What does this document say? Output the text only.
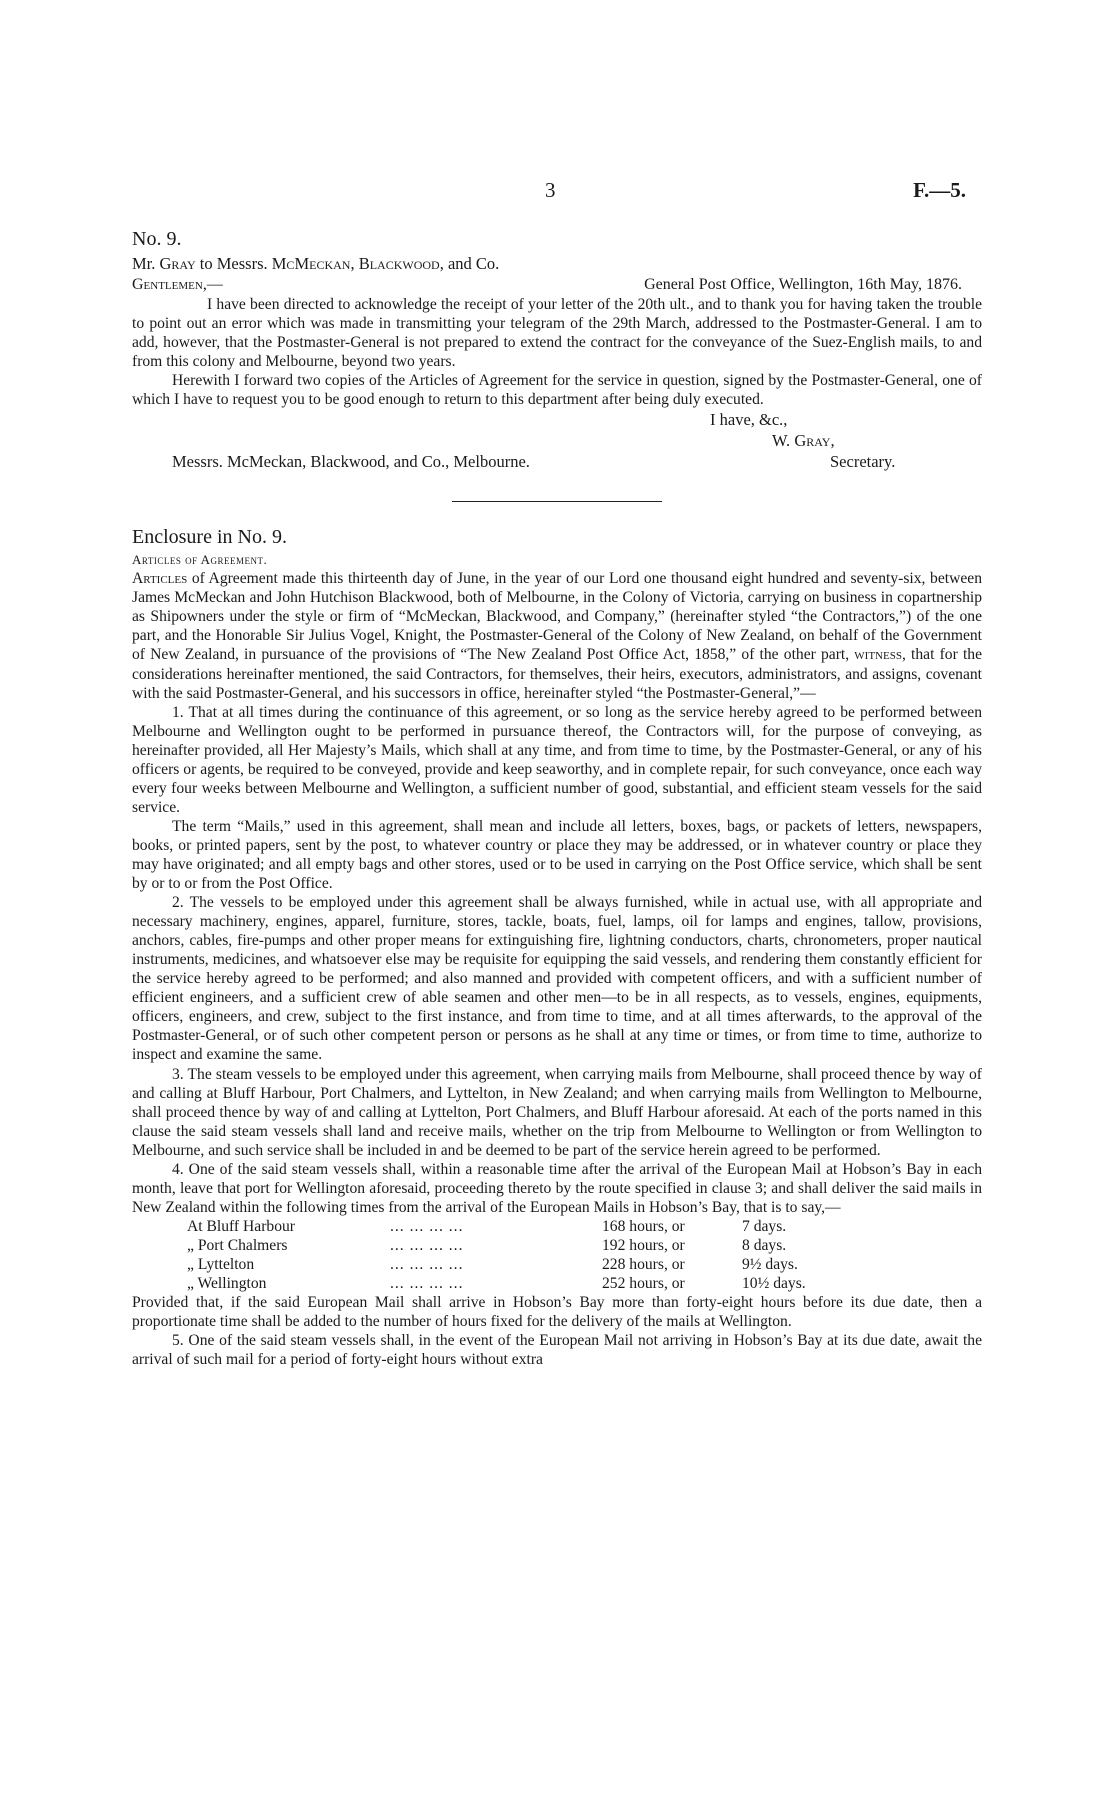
3	F.—5.

No. 9.

Mr. Gray to Messrs. McMeckan, Blackwood, and Co.

Gentlemen,—	General Post Office, Wellington, 16th May, 1876.

I have been directed to acknowledge the receipt of your letter of the 20th ult., and to thank you for having taken the trouble to point out an error which was made in transmitting your telegram of the 29th March, addressed to the Postmaster-General. I am to add, however, that the Postmaster-General is not prepared to extend the contract for the conveyance of the Suez-English mails, to and from this colony and Melbourne, beyond two years.

Herewith I forward two copies of the Articles of Agreement for the service in question, signed by the Postmaster-General, one of which I have to request you to be good enough to return to this department after being duly executed.

I have, &c.,
W. Gray,
Messrs. McMeckan, Blackwood, and Co., Melbourne.	Secretary.

Enclosure in No. 9.

Articles of Agreement.

Articles of Agreement made this thirteenth day of June, in the year of our Lord one thousand eight hundred and seventy-six, between James McMeckan and John Hutchison Blackwood, both of Melbourne, in the Colony of Victoria, carrying on business in copartnership as Shipowners under the style or firm of “McMeckan, Blackwood, and Company,” (hereinafter styled “the Contractors,”) of the one part, and the Honorable Sir Julius Vogel, Knight, the Postmaster-General of the Colony of New Zealand, on behalf of the Government of New Zealand, in pursuance of the provisions of “The New Zealand Post Office Act, 1858,” of the other part, witness, that for the considerations hereinafter mentioned, the said Contractors, for themselves, their heirs, executors, administrators, and assigns, covenant with the said Postmaster-General, and his successors in office, hereinafter styled “the Postmaster-General,”—

1. That at all times during the continuance of this agreement, or so long as the service hereby agreed to be performed between Melbourne and Wellington ought to be performed in pursuance thereof, the Contractors will, for the purpose of conveying, as hereinafter provided, all Her Majesty’s Mails, which shall at any time, and from time to time, by the Postmaster-General, or any of his officers or agents, be required to be conveyed, provide and keep seaworthy, and in complete repair, for such conveyance, once each way every four weeks between Melbourne and Wellington, a sufficient number of good, substantial, and efficient steam vessels for the said service.

The term “Mails,” used in this agreement, shall mean and include all letters, boxes, bags, or packets of letters, newspapers, books, or printed papers, sent by the post, to whatever country or place they may be addressed, or in whatever country or place they may have originated; and all empty bags and other stores, used or to be used in carrying on the Post Office service, which shall be sent by or to or from the Post Office.

2. The vessels to be employed under this agreement shall be always furnished, while in actual use, with all appropriate and necessary machinery, engines, apparel, furniture, stores, tackle, boats, fuel, lamps, oil for lamps and engines, tallow, provisions, anchors, cables, fire-pumps and other proper means for extinguishing fire, lightning conductors, charts, chronometers, proper nautical instruments, medicines, and whatsoever else may be requisite for equipping the said vessels, and rendering them constantly efficient for the service hereby agreed to be performed; and also manned and provided with competent officers, and with a sufficient number of efficient engineers, and a sufficient crew of able seamen and other men—to be in all respects, as to vessels, engines, equipments, officers, engineers, and crew, subject to the first instance, and from time to time, and at all times afterwards, to the approval of the Postmaster-General, or of such other competent person or persons as he shall at any time or times, or from time to time, authorize to inspect and examine the same.

3. The steam vessels to be employed under this agreement, when carrying mails from Melbourne, shall proceed thence by way of and calling at Bluff Harbour, Port Chalmers, and Lyttelton, in New Zealand; and when carrying mails from Wellington to Melbourne, shall proceed thence by way of and calling at Lyttelton, Port Chalmers, and Bluff Harbour aforesaid. At each of the ports named in this clause the said steam vessels shall land and receive mails, whether on the trip from Melbourne to Wellington or from Wellington to Melbourne, and such service shall be included in and be deemed to be part of the service herein agreed to be performed.

4. One of the said steam vessels shall, within a reasonable time after the arrival of the European Mail at Hobson’s Bay in each month, leave that port for Wellington aforesaid, proceeding thereto by the route specified in clause 3; and shall deliver the said mails in New Zealand within the following times from the arrival of the European Mails in Hobson’s Bay, that is to say,—

At Bluff Harbour	... ... ... ...	168 hours, or	7 days.
„ Port Chalmers	... ... ... ...	192 hours, or	8 days.
„ Lyttelton	... ... ... ...	228 hours, or	9½ days.
„ Wellington	... ... ... ...	252 hours, or	10½ days.

Provided that, if the said European Mail shall arrive in Hobson’s Bay more than forty-eight hours before its due date, then a proportionate time shall be added to the number of hours fixed for the delivery of the mails at Wellington.

5. One of the said steam vessels shall, in the event of the European Mail not arriving in Hobson’s Bay at its due date, await the arrival of such mail for a period of forty-eight hours without extra
